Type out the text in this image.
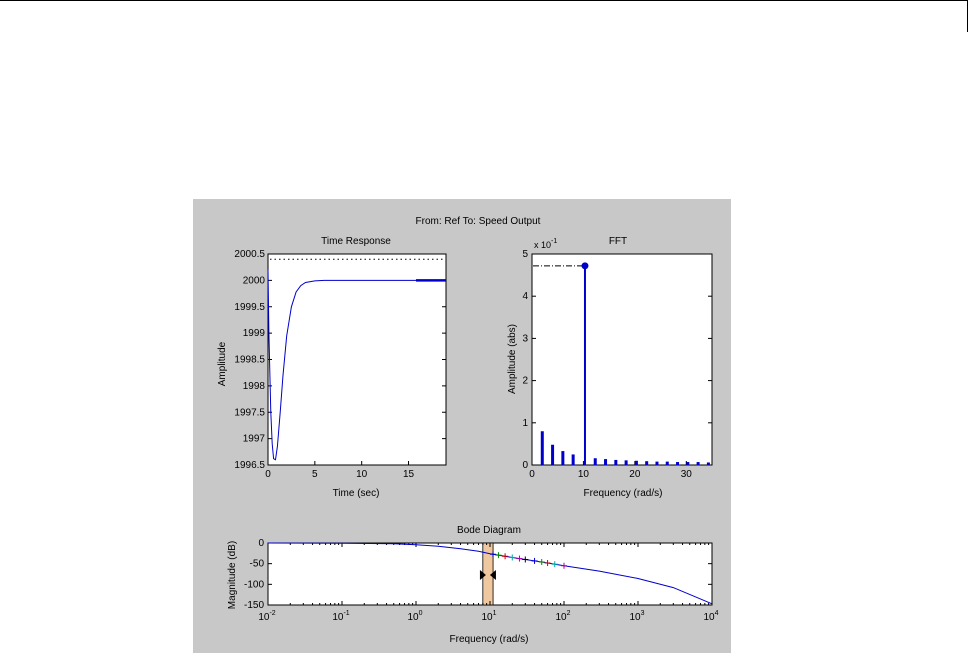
From: Ref To: Speed Output
Time Response
0	5	10	15
1996.5
1997
1997.5
1998
1998.5
1999
1999.5
2000
2000.5
Time (sec)
Amplitude
FFT
x $10^{-1}$
0	10	20	30
0
1
2
3
4
5
Frequency (rad/s)
Amplitude (abs)
Bode Diagram
$10^{-2}$	$10^{-1}$	$10^0$	$10^1$	$10^2$	$10^3$	$10^4$
0
-50
-100
-150
Frequency (rad/s)
Magnitude (dB)
